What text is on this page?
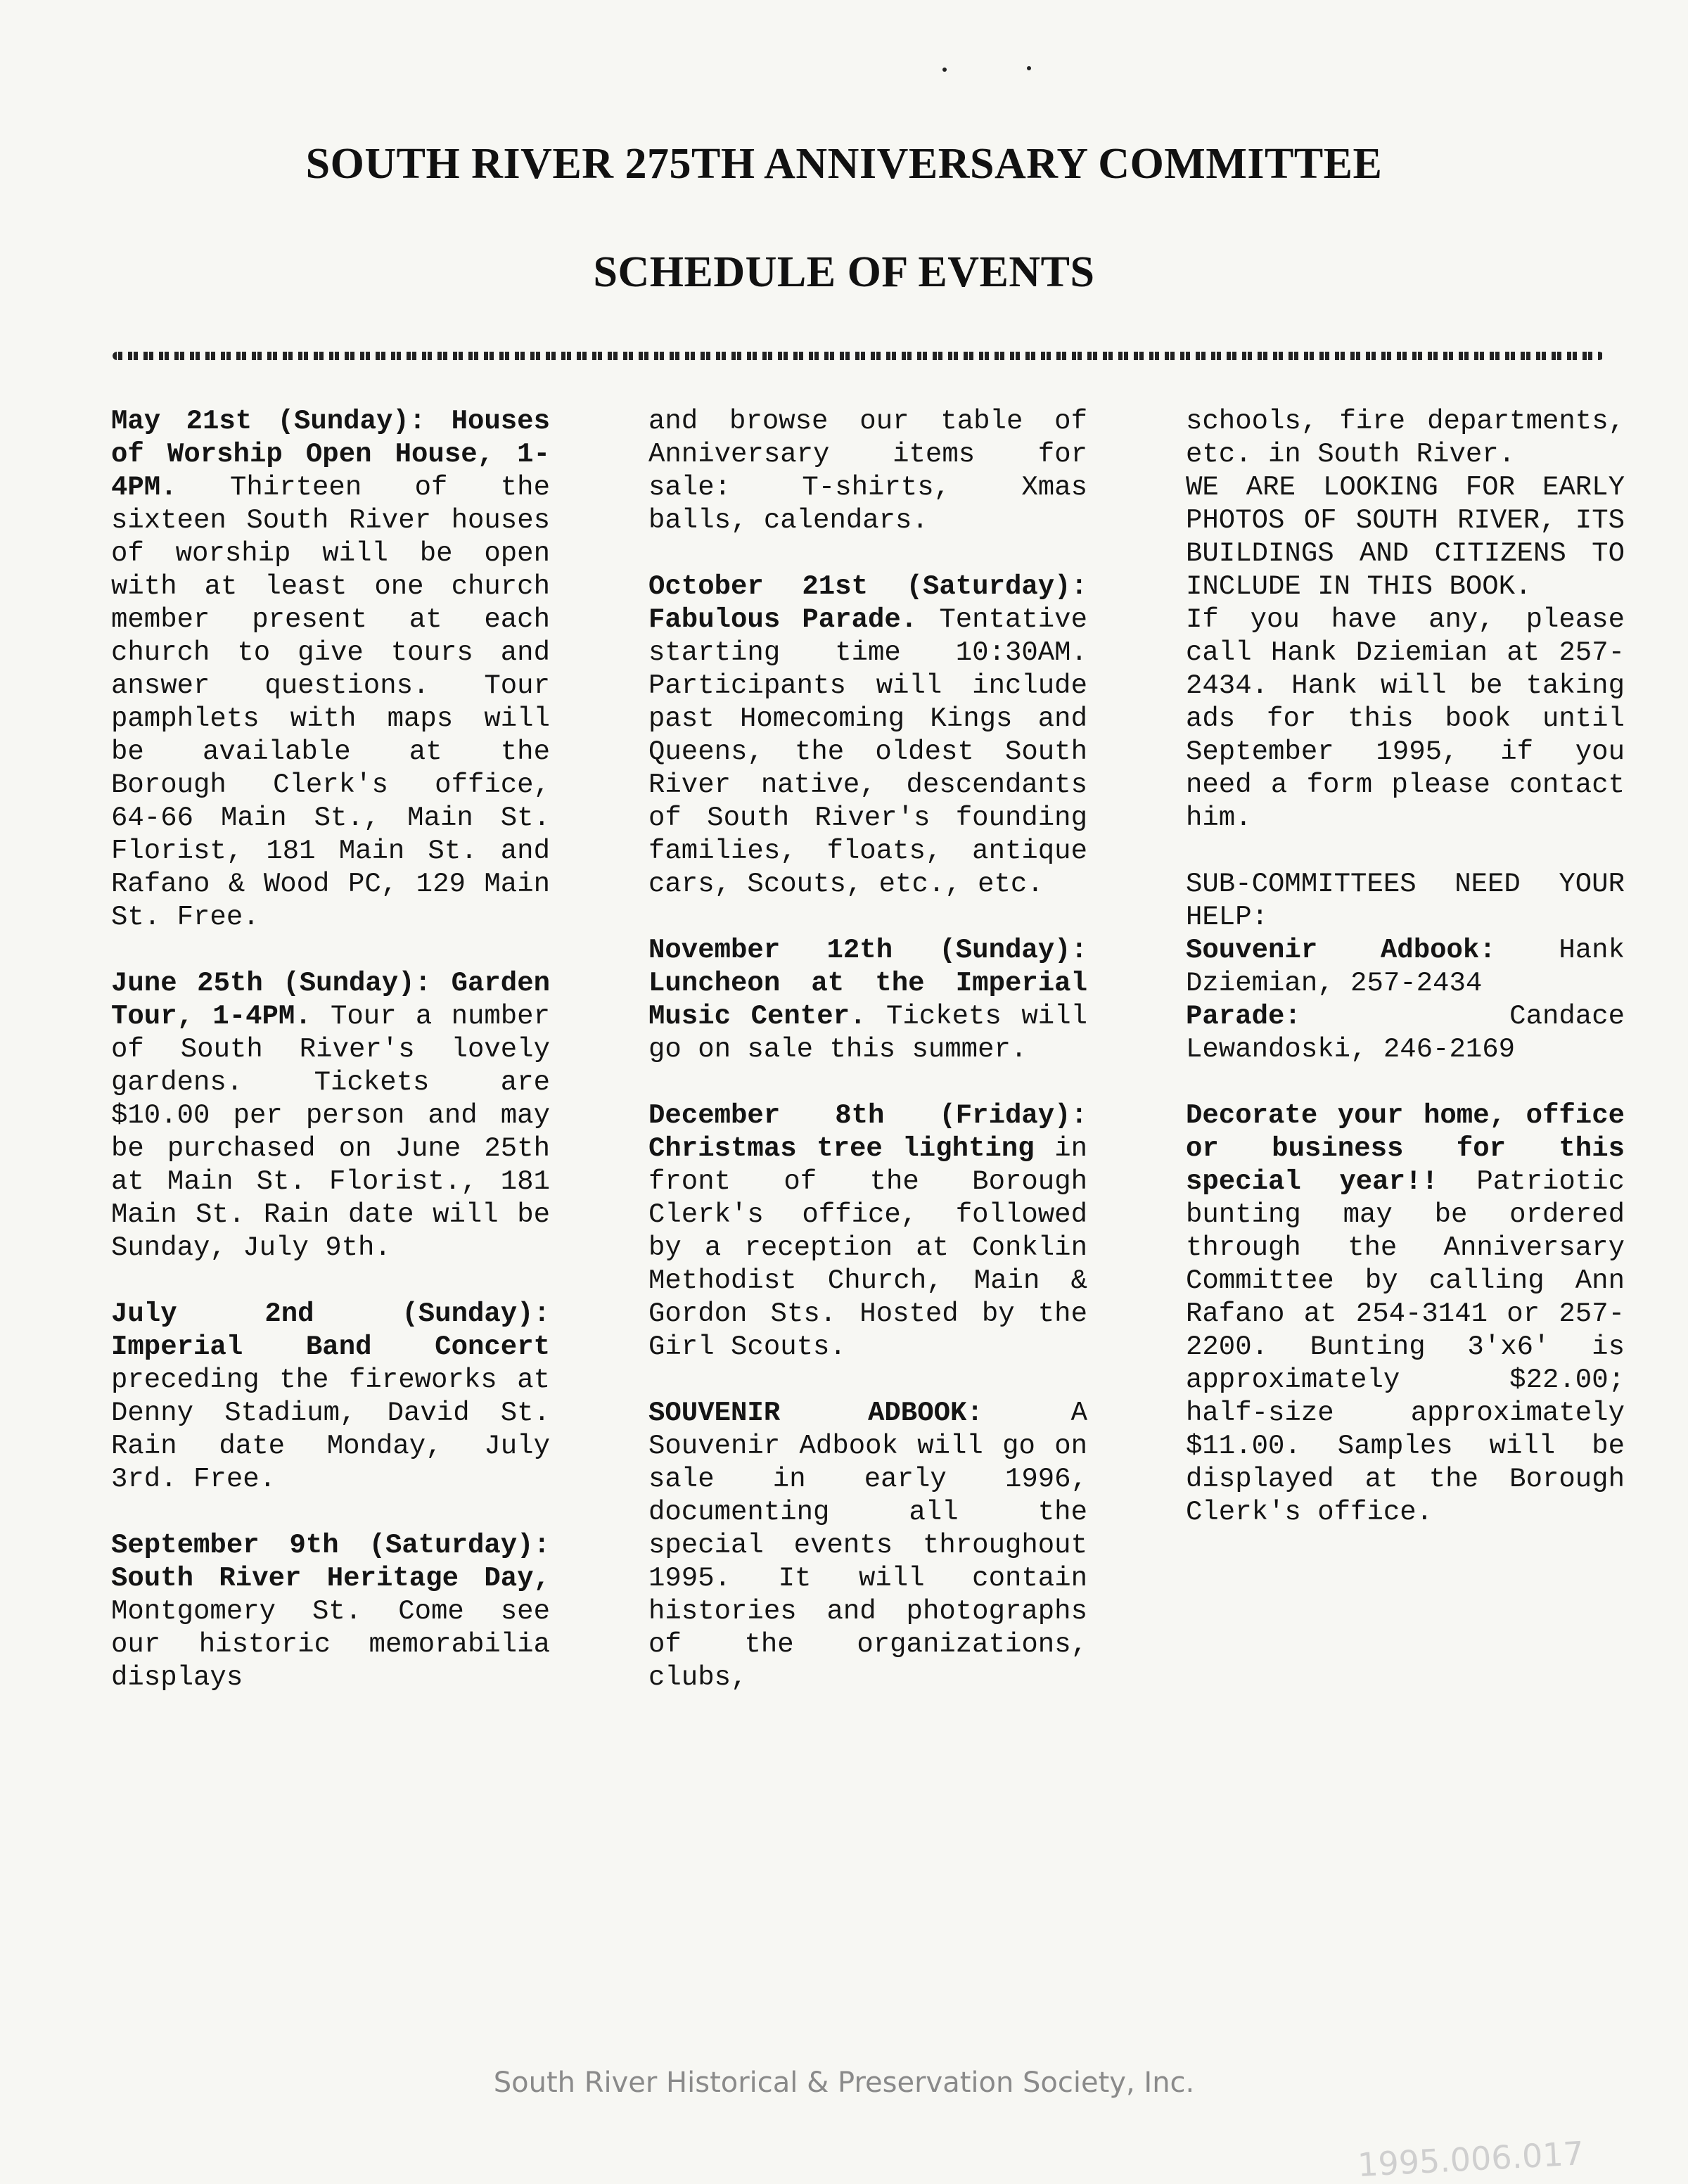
SOUTH RIVER 275TH ANNIVERSARY COMMITTEE
SCHEDULE OF EVENTS
May 21st (Sunday): Houses of Worship Open House, 1-4PM. Thirteen of the sixteen South River houses of worship will be open with at least one church member present at each church to give tours and answer questions. Tour pamphlets with maps will be available at the Borough Clerk's office, 64-66 Main St., Main St. Florist, 181 Main St. and Rafano & Wood PC, 129 Main St. Free.
June 25th (Sunday): Garden Tour, 1-4PM. Tour a number of South River's lovely gardens. Tickets are $10.00 per person and may be purchased on June 25th at Main St. Florist., 181 Main St. Rain date will be Sunday, July 9th.
July 2nd (Sunday): Imperial Band Concert preceding the fireworks at Denny Stadium, David St. Rain date Monday, July 3rd. Free.
September 9th (Saturday): South River Heritage Day, Montgomery St. Come see our historic memorabilia displays
and browse our table of Anniversary items for sale: T-shirts, Xmas balls, calendars.
October 21st (Saturday): Fabulous Parade. Tentative starting time 10:30AM. Participants will include past Homecoming Kings and Queens, the oldest South River native, descendants of South River's founding families, floats, antique cars, Scouts, etc., etc.
November 12th (Sunday): Luncheon at the Imperial Music Center. Tickets will go on sale this summer.
December 8th (Friday): Christmas tree lighting in front of the Borough Clerk's office, followed by a reception at Conklin Methodist Church, Main & Gordon Sts. Hosted by the Girl Scouts.
SOUVENIR ADBOOK:	A Souvenir Adbook will go on sale in early 1996, documenting all the special events throughout 1995. It will contain histories and photographs of the organizations, clubs,

schools, fire departments, etc. in South River.

WE ARE LOOKING FOR EARLY PHOTOS OF SOUTH RIVER, ITS BUILDINGS AND CITIZENS TO INCLUDE IN THIS BOOK.

If you have any, please call Hank Dziemian at 257-2434. Hank will be taking ads for this book until September 1995, if you need a form please contact him.

SUB-COMMITTEES NEED YOUR HELP:

Souvenir Adbook: Hank Dziemian, 257-2434

Parade:	Candace Lewandoski, 246-2169

Decorate your home, office or business for this special year!! Patriotic bunting may be ordered through the Anniversary Committee by calling Ann Rafano at 254-3141 or 257-2200. Bunting 3'x6' is approximately $22.00; half-size approximately $11.00. Samples will be displayed at the Borough Clerk's office.
South River Historical & Preservation Society, Inc.
1995.006.017
